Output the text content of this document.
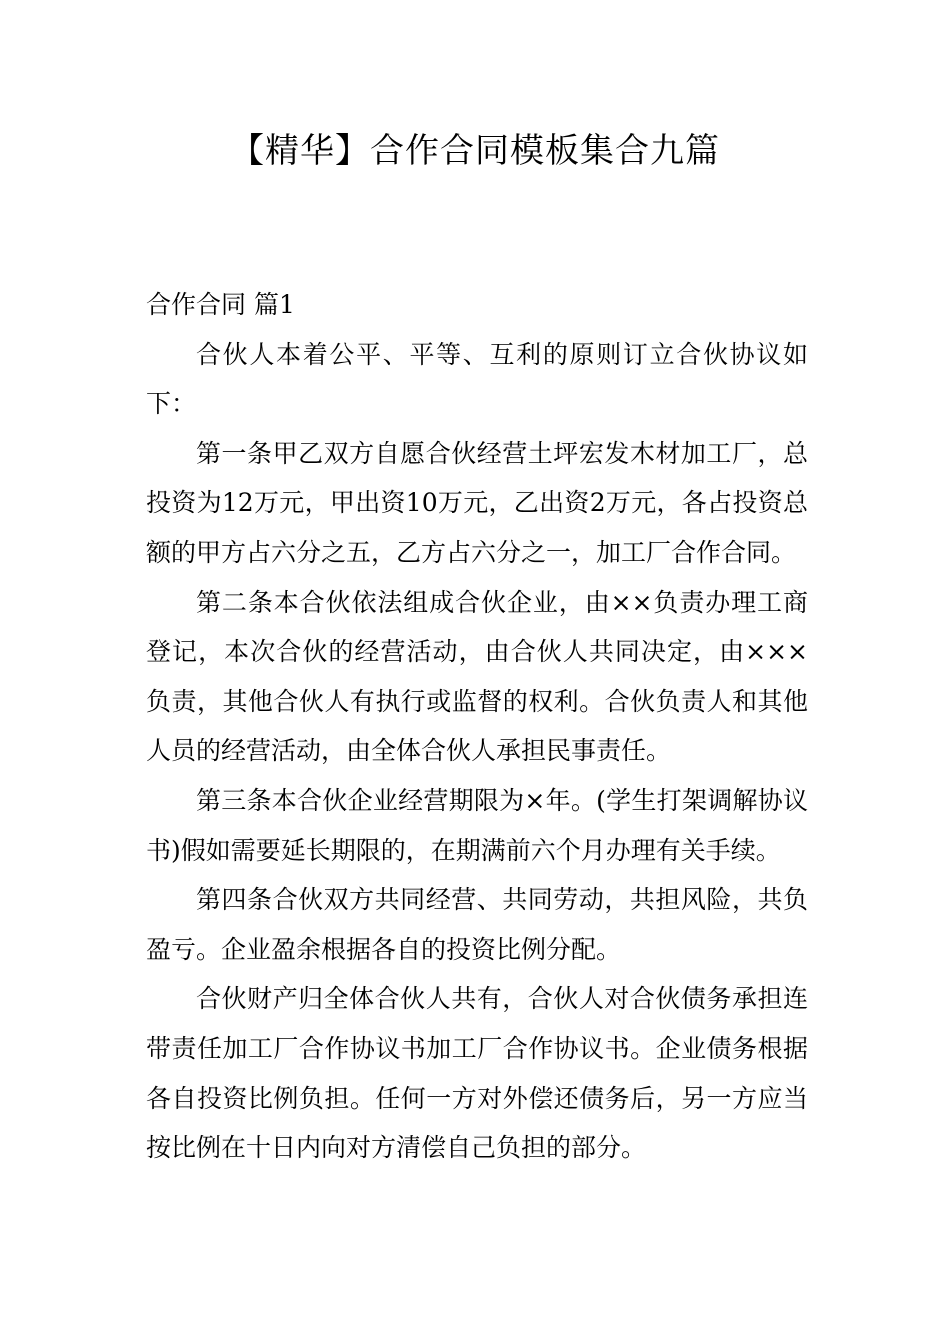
【精华】合作合同模板集合九篇
合作合同 篇1

合伙人本着公平、平等、互利的原则订立合伙协议如下：

第一条甲乙双方自愿合伙经营土坪宏发木材加工厂，总投资为12万元，甲出资10万元，乙出资2万元，各占投资总额的甲方占六分之五，乙方占六分之一，加工厂合作合同。

第二条本合伙依法组成合伙企业，由××负责办理工商登记，本次合伙的经营活动，由合伙人共同决定，由×××负责，其他合伙人有执行或监督的权利。合伙负责人和其他人员的经营活动，由全体合伙人承担民事责任。

第三条本合伙企业经营期限为×年。(学生打架调解协议书)假如需要延长期限的，在期满前六个月办理有关手续。

第四条合伙双方共同经营、共同劳动，共担风险，共负盈亏。企业盈余根据各自的投资比例分配。

合伙财产归全体合伙人共有，合伙人对合伙债务承担连带责任加工厂合作协议书加工厂合作协议书。企业债务根据各自投资比例负担。任何一方对外偿还债务后，另一方应当按比例在十日内向对方清偿自己负担的部分。
